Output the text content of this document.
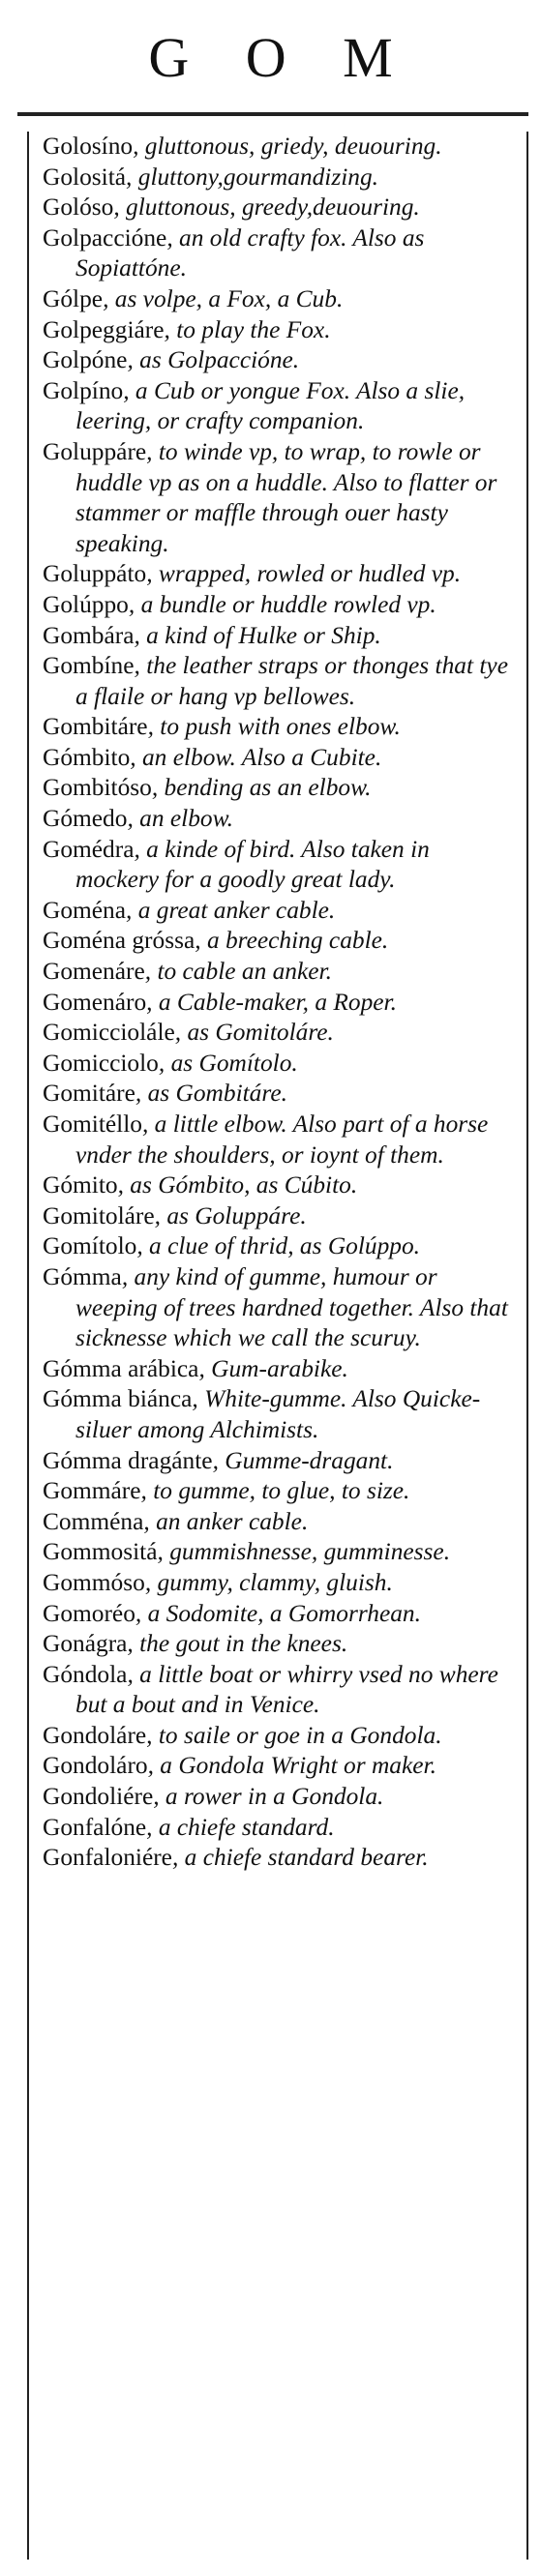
G O M
Golosíno, gluttonous, griedy, deuouring.
Golositá, gluttony,gourmandizing.
Golóso, gluttonous, greedy,deuouring.
Golpaccióne, an old crafty fox. Also as Sopiattóne.
Gólpe, as volpe, a Fox, a Cub.
Golpeggiáre, to play the Fox.
Golpóne, as Golpaccióne.
Golpíno, a Cub or yongue Fox. Also a slie, leering, or crafty companion.
Goluppáre, to winde vp, to wrap, to rowle or huddle vp as on a huddle. Also to flatter or stammer or maffle through ouer hasty speaking.
Goluppáto, wrapped, rowled or hudled vp.
Golúppo, a bundle or huddle rowled vp.
Gombára, a kind of Hulke or Ship.
Gombíne, the leather straps or thonges that tye a flaile or hang vp bellowes.
Gombitáre, to push with ones elbow.
Gómbito, an elbow. Also a Cubite.
Gombitóso, bending as an elbow.
Gómedo, an elbow.
Gomédra, a kinde of bird. Also taken in mockery for a goodly great lady.
Goména, a great anker cable.
Goména gróssa, a breeching cable.
Gomenáre, to cable an anker.
Gomenáro, a Cable-maker, a Roper.
Gomicciolále, as Gomitoláre.
Gomicciolo, as Gomítolo.
Gomitáre, as Gombitáre.
Gomitéllo, a little elbow. Also part of a horse vnder the shoulders, or ioynt of them.
Gómito, as Gómbito, as Cúbito.
Gomitoláre, as Goluppáre.
Gomítolo, a clue of thrid, as Golúppo.
Gómma, any kind of gumme, humour or weeping of trees hardned together. Also that sicknesse which we call the scuruy.
Gómma arábica, Gum-arabike.
Gómma biánca, White-gumme. Also Quicke-siluer among Alchimists.
Gómma dragánte, Gumme-dragant.
Gommáre, to gumme, to glue, to size.
Comména, an anker cable.
Gommositá, gummishnesse, gumminesse.
Gommóso, gummy, clammy, gluish.
Gomoréo, a Sodomite, a Gomorrhean.
Gonágra, the gout in the knees.
Góndola, a little boat or whirry vsed no where but a bout and in Venice.
Gondoláre, to saile or goe in a Gondola.
Gondoláro, a Gondola Wright or maker.
Gondoliére, a rower in a Gondola.
Gonfalóne, a chiefe standard.
Gonfaloniére, a chiefe standard bearer.
